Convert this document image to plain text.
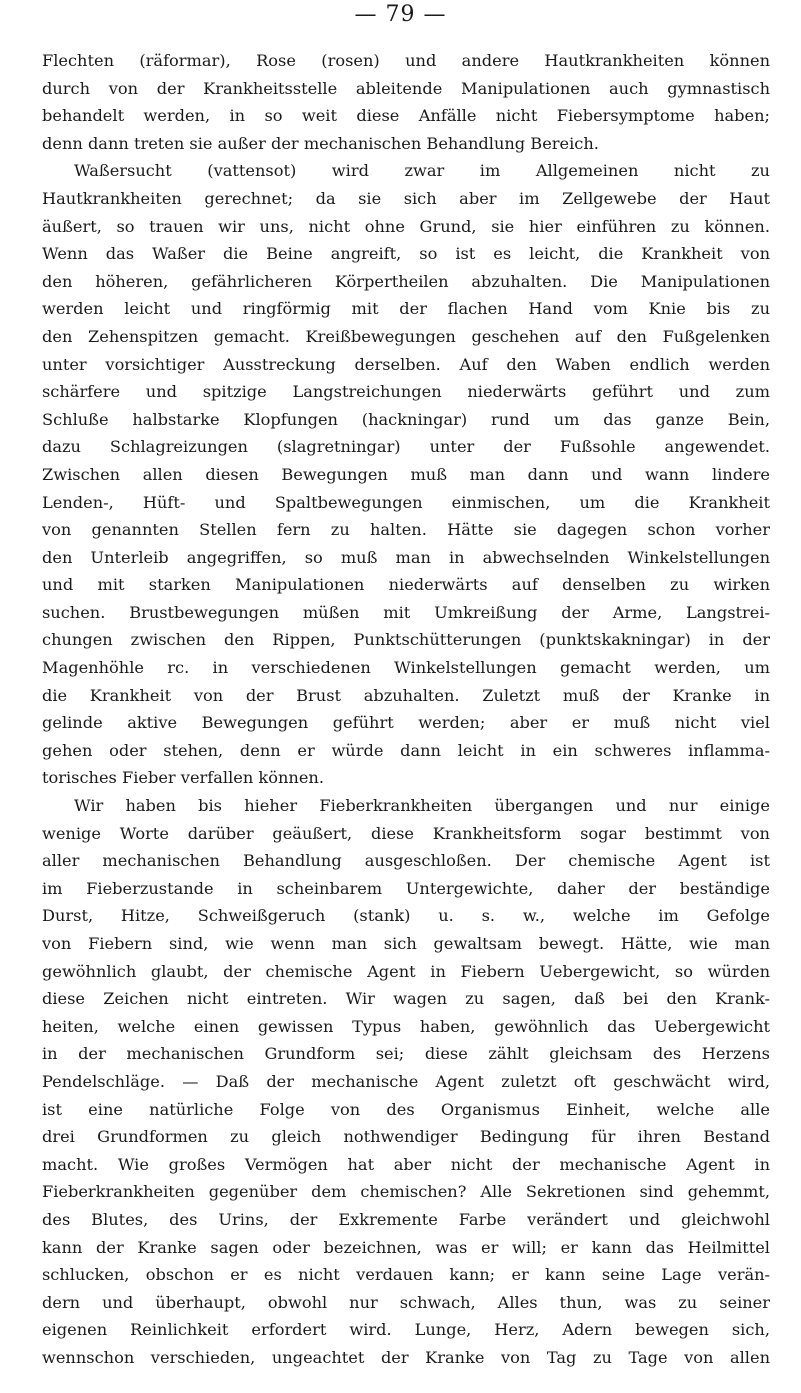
— 79 —
Flechten (räformar), Rose (rosen) und andere Hautkrankheiten können
durch von der Krankheitsstelle ableitende Manipulationen auch gymnastisch
behandelt werden, in so weit diese Anfälle nicht Fiebersymptome haben;
denn dann treten sie außer der mechanischen Behandlung Bereich.
Waßersucht (vattensot) wird zwar im Allgemeinen nicht zu
Hautkrankheiten gerechnet; da sie sich aber im Zellgewebe der Haut
äußert, so trauen wir uns, nicht ohne Grund, sie hier einführen zu können.
Wenn das Waßer die Beine angreift, so ist es leicht, die Krankheit von
den höheren, gefährlicheren Körpertheilen abzuhalten. Die Manipulationen
werden leicht und ringförmig mit der flachen Hand vom Knie bis zu
den Zehenspitzen gemacht. Kreißbewegungen geschehen auf den Fußgelenken
unter vorsichtiger Ausstreckung derselben. Auf den Waben endlich werden
schärfere und spitzige Langstreichungen niederwärts geführt und zum
Schluße halbstarke Klopfungen (hackningar) rund um das ganze Bein,
dazu Schlagreizungen (slagretningar) unter der Fußsohle angewendet.
Zwischen allen diesen Bewegungen muß man dann und wann lindere
Lenden-, Hüft- und Spaltbewegungen einmischen, um die Krankheit
von genannten Stellen fern zu halten. Hätte sie dagegen schon vorher
den Unterleib angegriffen, so muß man in abwechselnden Winkelstellungen
und mit starken Manipulationen niederwärts auf denselben zu wirken
suchen. Brustbewegungen müßen mit Umkreißung der Arme, Langstrei-
chungen zwischen den Rippen, Punktschütterungen (punktskakningar) in der
Magenhöhle rc. in verschiedenen Winkelstellungen gemacht werden, um
die Krankheit von der Brust abzuhalten. Zuletzt muß der Kranke in
gelinde aktive Bewegungen geführt werden; aber er muß nicht viel
gehen oder stehen, denn er würde dann leicht in ein schweres inflamma-
torisches Fieber verfallen können.
Wir haben bis hieher Fieberkrankheiten übergangen und nur einige
wenige Worte darüber geäußert, diese Krankheitsform sogar bestimmt von
aller mechanischen Behandlung ausgeschloßen. Der chemische Agent ist
im Fieberzustande in scheinbarem Untergewichte, daher der beständige
Durst, Hitze, Schweißgeruch (stank) u. s. w., welche im Gefolge
von Fiebern sind, wie wenn man sich gewaltsam bewegt. Hätte, wie man
gewöhnlich glaubt, der chemische Agent in Fiebern Uebergewicht, so würden
diese Zeichen nicht eintreten. Wir wagen zu sagen, daß bei den Krank-
heiten, welche einen gewissen Typus haben, gewöhnlich das Uebergewicht
in der mechanischen Grundform sei; diese zählt gleichsam des Herzens
Pendelschläge. — Daß der mechanische Agent zuletzt oft geschwächt wird,
ist eine natürliche Folge von des Organismus Einheit, welche alle
drei Grundformen zu gleich nothwendiger Bedingung für ihren Bestand
macht. Wie großes Vermögen hat aber nicht der mechanische Agent in
Fieberkrankheiten gegenüber dem chemischen? Alle Sekretionen sind gehemmt,
des Blutes, des Urins, der Exkremente Farbe verändert und gleichwohl
kann der Kranke sagen oder bezeichnen, was er will; er kann das Heilmittel
schlucken, obschon er es nicht verdauen kann; er kann seine Lage verän-
dern und überhaupt, obwohl nur schwach, Alles thun, was zu seiner
eigenen Reinlichkeit erfordert wird. Lunge, Herz, Adern bewegen sich,
wennschon verschieden, ungeachtet der Kranke von Tag zu Tage von allen
